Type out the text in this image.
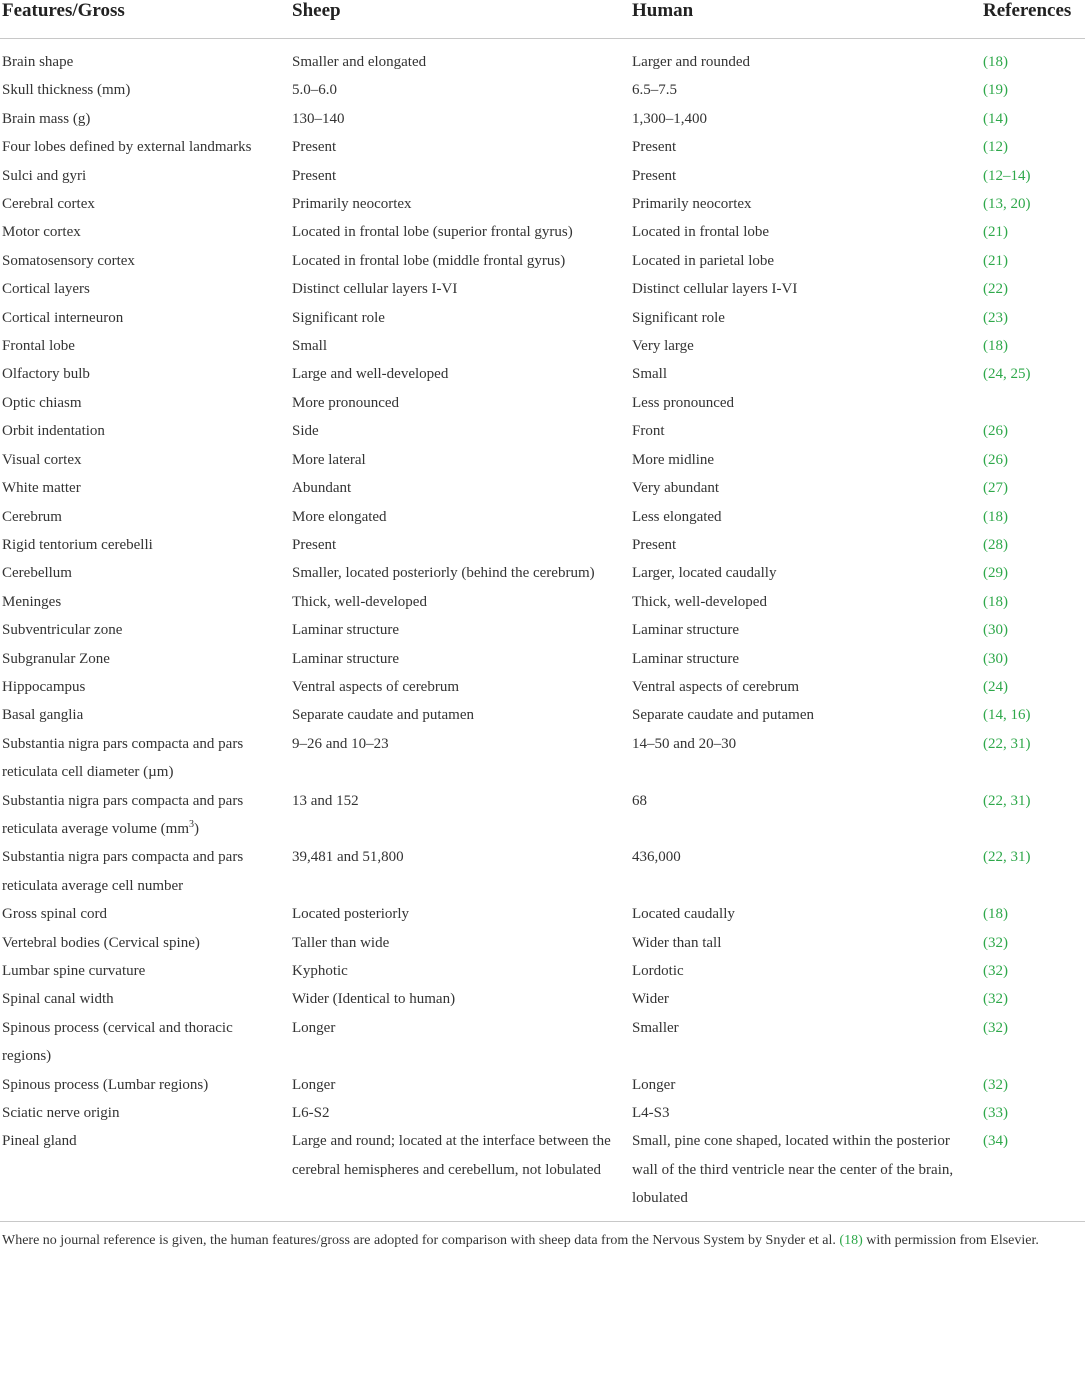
Features/Gross	Sheep	Human	References
Brain shape	Smaller and elongated	Larger and rounded	(18)
Skull thickness (mm)	5.0–6.0	6.5–7.5	(19)
Brain mass (g)	130–140	1,300–1,400	(14)
Four lobes defined by external landmarks	Present	Present	(12)
Sulci and gyri	Present	Present	(12–14)
Cerebral cortex	Primarily neocortex	Primarily neocortex	(13, 20)
Motor cortex	Located in frontal lobe (superior frontal gyrus)	Located in frontal lobe	(21)
Somatosensory cortex	Located in frontal lobe (middle frontal gyrus)	Located in parietal lobe	(21)
Cortical layers	Distinct cellular layers I-VI	Distinct cellular layers I-VI	(22)
Cortical interneuron	Significant role	Significant role	(23)
Frontal lobe	Small	Very large	(18)
Olfactory bulb	Large and well-developed	Small	(24, 25)
Optic chiasm	More pronounced	Less pronounced	
Orbit indentation	Side	Front	(26)
Visual cortex	More lateral	More midline	(26)
White matter	Abundant	Very abundant	(27)
Cerebrum	More elongated	Less elongated	(18)
Rigid tentorium cerebelli	Present	Present	(28)
Cerebellum	Smaller, located posteriorly (behind the cerebrum)	Larger, located caudally	(29)
Meninges	Thick, well-developed	Thick, well-developed	(18)
Subventricular zone	Laminar structure	Laminar structure	(30)
Subgranular Zone	Laminar structure	Laminar structure	(30)
Hippocampus	Ventral aspects of cerebrum	Ventral aspects of cerebrum	(24)
Basal ganglia	Separate caudate and putamen	Separate caudate and putamen	(14, 16)
Substantia nigra pars compacta and pars reticulata cell diameter (µm)	9–26 and 10–23	14–50 and 20–30	(22, 31)
Substantia nigra pars compacta and pars reticulata average volume $(mm^3)$	13 and 152	68	(22, 31)
Substantia nigra pars compacta and pars reticulata average cell number	39,481 and 51,800	436,000	(22, 31)
Gross spinal cord	Located posteriorly	Located caudally	(18)
Vertebral bodies (Cervical spine)	Taller than wide	Wider than tall	(32)
Lumbar spine curvature	Kyphotic	Lordotic	(32)
Spinal canal width	Wider (Identical to human)	Wider	(32)
Spinous process (cervical and thoracic regions)	Longer	Smaller	(32)
Spinous process (Lumbar regions)	Longer	Longer	(32)
Sciatic nerve origin	L6-S2	L4-S3	(33)
Pineal gland	Large and round; located at the interface between the cerebral hemispheres and cerebellum, not lobulated	Small, pine cone shaped, located within the posterior wall of the third ventricle near the center of the brain, lobulated	(34)
Where no journal reference is given, the human features/gross are adopted for comparison with sheep data from the Nervous System by Snyder et al. (18) with permission from Elsevier.
